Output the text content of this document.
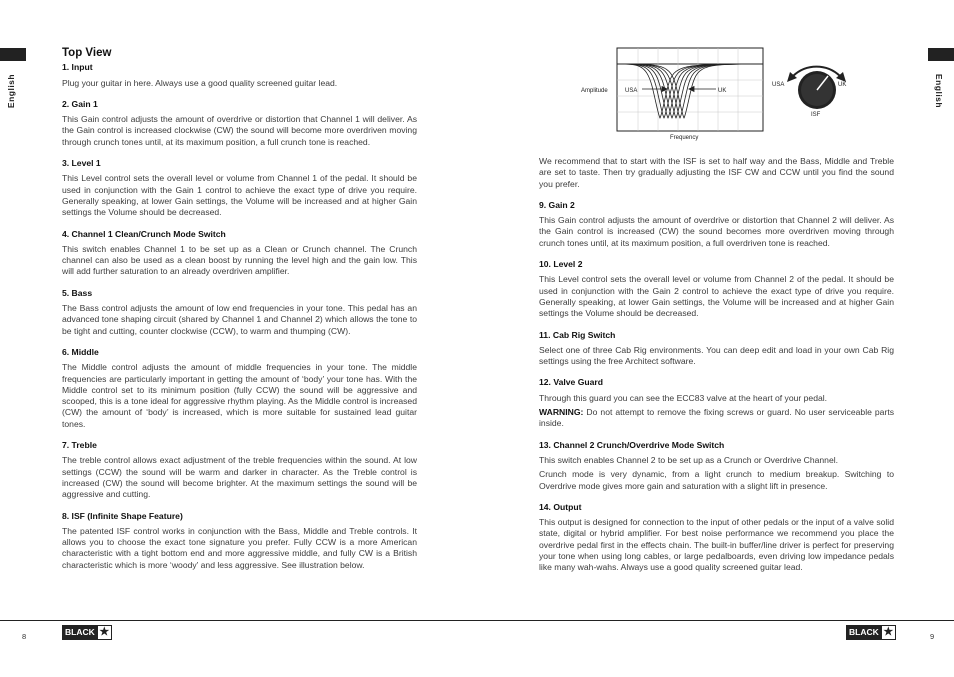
English
Top View
1. Input

Plug your guitar in here. Always use a good quality screened guitar lead.

2. Gain 1

This Gain control adjusts the amount of overdrive or distortion that Channel 1 will deliver. As the Gain control is increased clockwise (CW) the sound will become more overdriven moving through crunch tones until, at its maximum position, a full crunch tone is reached.

3. Level 1

This Level control sets the overall level or volume from Channel 1 of the pedal. It should be used in conjunction with the Gain 1 control to achieve the exact type of drive you require. Generally speaking, at lower Gain settings, the Volume will be increased and at higher Gain settings the Volume should be decreased.

4. Channel 1 Clean/Crunch Mode Switch

This switch enables Channel 1 to be set up as a Clean or Crunch channel. The Crunch channel can also be used as a clean boost by running the level high and the gain low. This will add further saturation to an already overdriven amplifier.

5. Bass

The Bass control adjusts the amount of low end frequencies in your tone. This pedal has an advanced tone shaping circuit (shared by Channel 1 and Channel 2) which allows the tone to be tight and cutting, counter clockwise (CCW), to warm and thumping (CW).

6. Middle

The Middle control adjusts the amount of middle frequencies in your tone. The middle frequencies are particularly important in getting the amount of ‘body’ your tone has. With the Middle control set to its minimum position (fully CCW) the sound will be aggressive and scooped, this is a tone ideal for aggressive rhythm playing. As the Middle control is increased (CW) the amount of ‘body’ is increased, which is more suitable for sustained lead guitar tones.

7. Treble

The treble control allows exact adjustment of the treble frequencies within the sound. At low settings (CCW) the sound will be warm and darker in character. As the Treble control is increased (CW) the sound will become brighter. At the maximum settings the sound will be aggressive and cutting.

8. ISF (Infinite Shape Feature)

The patented ISF control works in conjunction with the Bass, Middle and Treble controls. It allows you to choose the exact tone signature you prefer. Fully CCW is a more American characteristic with a tight bottom end and more aggressive middle, and fully CW is a British characteristic which is more ‘woody’ and less aggressive. See illustration below.

8	BLACK ★
English
9
BLACK ★
USA	UK
Amplitude
Frequency
USA	UK
ISF

We recommend that to start with the ISF is set to half way and the Bass, Middle and Treble are set to taste. Then try gradually adjusting the ISF CW and CCW until you find the sound you prefer.

9. Gain 2

This Gain control adjusts the amount of overdrive or distortion that Channel 2 will deliver. As the Gain control is increased (CW) the sound becomes more overdriven moving through crunch tones until, at its maximum position, a full overdriven tone is reached.

10. Level 2

This Level control sets the overall level or volume from Channel 2 of the pedal. It should be used in conjunction with the Gain 2 control to achieve the exact type of drive you require. Generally speaking, at lower Gain settings, the Volume will be increased and at higher Gain settings the Volume should be decreased.

11. Cab Rig Switch

Select one of three Cab Rig environments. You can deep edit and load in your own Cab Rig settings using the free Architect software.

12. Valve Guard

Through this guard you can see the ECC83 valve at the heart of your pedal.

WARNING: Do not attempt to remove the fixing screws or guard. No user serviceable parts inside.

13. Channel 2 Crunch/Overdrive Mode Switch

This switch enables Channel 2 to be set up as a Crunch or Overdrive Channel.

Crunch mode is very dynamic, from a light crunch to medium breakup. Switching to Overdrive mode gives more gain and saturation with a slight lift in presence.

14. Output

This output is designed for connection to the input of other pedals or the input of a valve solid state, digital or hybrid amplifier. For best noise performance we recommend you place the overdrive pedal first in the effects chain. The built-in buffer/line driver is perfect for preserving your tone when using long cables, or large pedalboards, even driving low impedance pedals like many wah-wahs. Always use a good quality screened guitar lead.
